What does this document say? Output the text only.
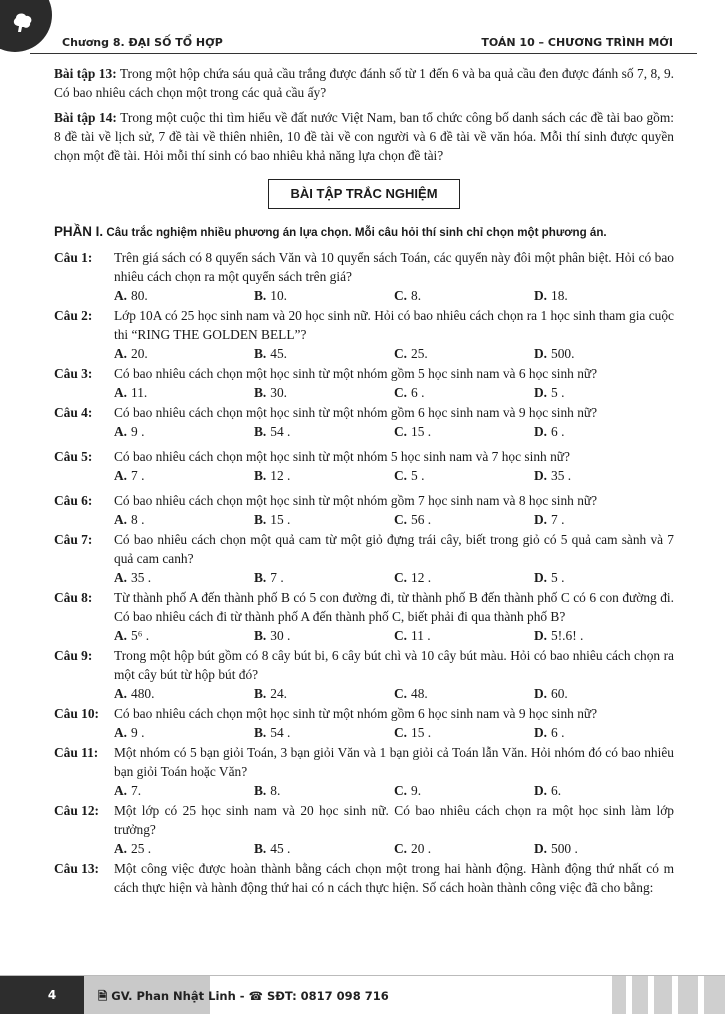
Chương 8. ĐẠI SỐ TỔ HỢP	TOÁN 10 – CHƯƠNG TRÌNH MỚI

Bài tập 13: Trong một hộp chứa sáu quả cầu trắng được đánh số từ 1 đến 6 và ba quả cầu đen được đánh số 7, 8, 9. Có bao nhiêu cách chọn một trong các quả cầu ấy?

Bài tập 14: Trong một cuộc thi tìm hiểu về đất nước Việt Nam, ban tổ chức công bố danh sách các đề tài bao gồm: 8 đề tài về lịch sử, 7 đề tài về thiên nhiên, 10 đề tài về con người và 6 đề tài về văn hóa. Mỗi thí sinh được quyền chọn một đề tài. Hỏi mỗi thí sinh có bao nhiêu khả năng lựa chọn đề tài?

BÀI TẬP TRẮC NGHIỆM

PHẦN I. Câu trắc nghiệm nhiều phương án lựa chọn. Mỗi câu hỏi thí sinh chỉ chọn một phương án.

Câu 1:	Trên giá sách có 8 quyển sách Văn và 10 quyển sách Toán, các quyển này đôi một phân biệt. Hỏi có bao nhiêu cách chọn ra một quyển sách trên giá?
A. 80.	B. 10.	C. 8.	D. 18.
Câu 2:	Lớp 10A có 25 học sinh nam và 20 học sinh nữ. Hỏi có bao nhiêu cách chọn ra 1 học sinh tham gia cuộc thi “RING THE GOLDEN BELL”?
A. 20.	B. 45.	C. 25.	D. 500.
Câu 3:	Có bao nhiêu cách chọn một học sinh từ một nhóm gồm 5 học sinh nam và 6 học sinh nữ?
A. 11.	B. 30.	C. 6 .	D. 5 .
Câu 4:	Có bao nhiêu cách chọn một học sinh từ một nhóm gồm 6 học sinh nam và 9 học sinh nữ?
A. 9 .	B. 54 .	C. 15 .	D. 6 .
Câu 5:	Có bao nhiêu cách chọn một học sinh từ một nhóm 5 học sinh nam và 7 học sinh nữ?
A. 7 .	B. 12 .	C. 5 .	D. 35 .
Câu 6:	Có bao nhiêu cách chọn một học sinh từ một nhóm gồm 7 học sinh nam và 8 học sinh nữ?
A. 8 .	B. 15 .	C. 56 .	D. 7 .
Câu 7:	Có bao nhiêu cách chọn một quả cam từ một giỏ đựng trái cây, biết trong giỏ có 5 quả cam sành và 7 quả cam canh?
A. 35 .	B. 7 .	C. 12 .	D. 5 .
Câu 8:	Từ thành phố A đến thành phố B có 5 con đường đi, từ thành phố B đến thành phố C có 6 con đường đi. Có bao nhiêu cách đi từ thành phố A đến thành phố C, biết phải đi qua thành phố B?
A. 5⁶ .	B. 30 .	C. 11 .	D. 5!.6! .
Câu 9:	Trong một hộp bút gồm có 8 cây bút bi, 6 cây bút chì và 10 cây bút màu. Hỏi có bao nhiêu cách chọn ra một cây bút từ hộp bút đó?
A. 480.	B. 24.	C. 48.	D. 60.
Câu 10:	Có bao nhiêu cách chọn một học sinh từ một nhóm gồm 6 học sinh nam và 9 học sinh nữ?
A. 9 .	B. 54 .	C. 15 .	D. 6 .
Câu 11:	Một nhóm có 5 bạn giỏi Toán, 3 bạn giỏi Văn và 1 bạn giỏi cả Toán lẫn Văn. Hỏi nhóm đó có bao nhiêu bạn giỏi Toán hoặc Văn?
A. 7.	B. 8.	C. 9.	D. 6.
Câu 12:	Một lớp có 25 học sinh nam và 20 học sinh nữ. Có bao nhiêu cách chọn ra một học sinh làm lớp trưởng?
A. 25 .	B. 45 .	C. 20 .	D. 500 .
Câu 13:	Một công việc được hoàn thành bằng cách chọn một trong hai hành động. Hành động thứ nhất có m cách thực hiện và hành động thứ hai có n cách thực hiện. Số cách hoàn thành công việc đã cho bằng:
4	🗎 GV. Phan Nhật Linh - ☎ SĐT: 0817 098 716
